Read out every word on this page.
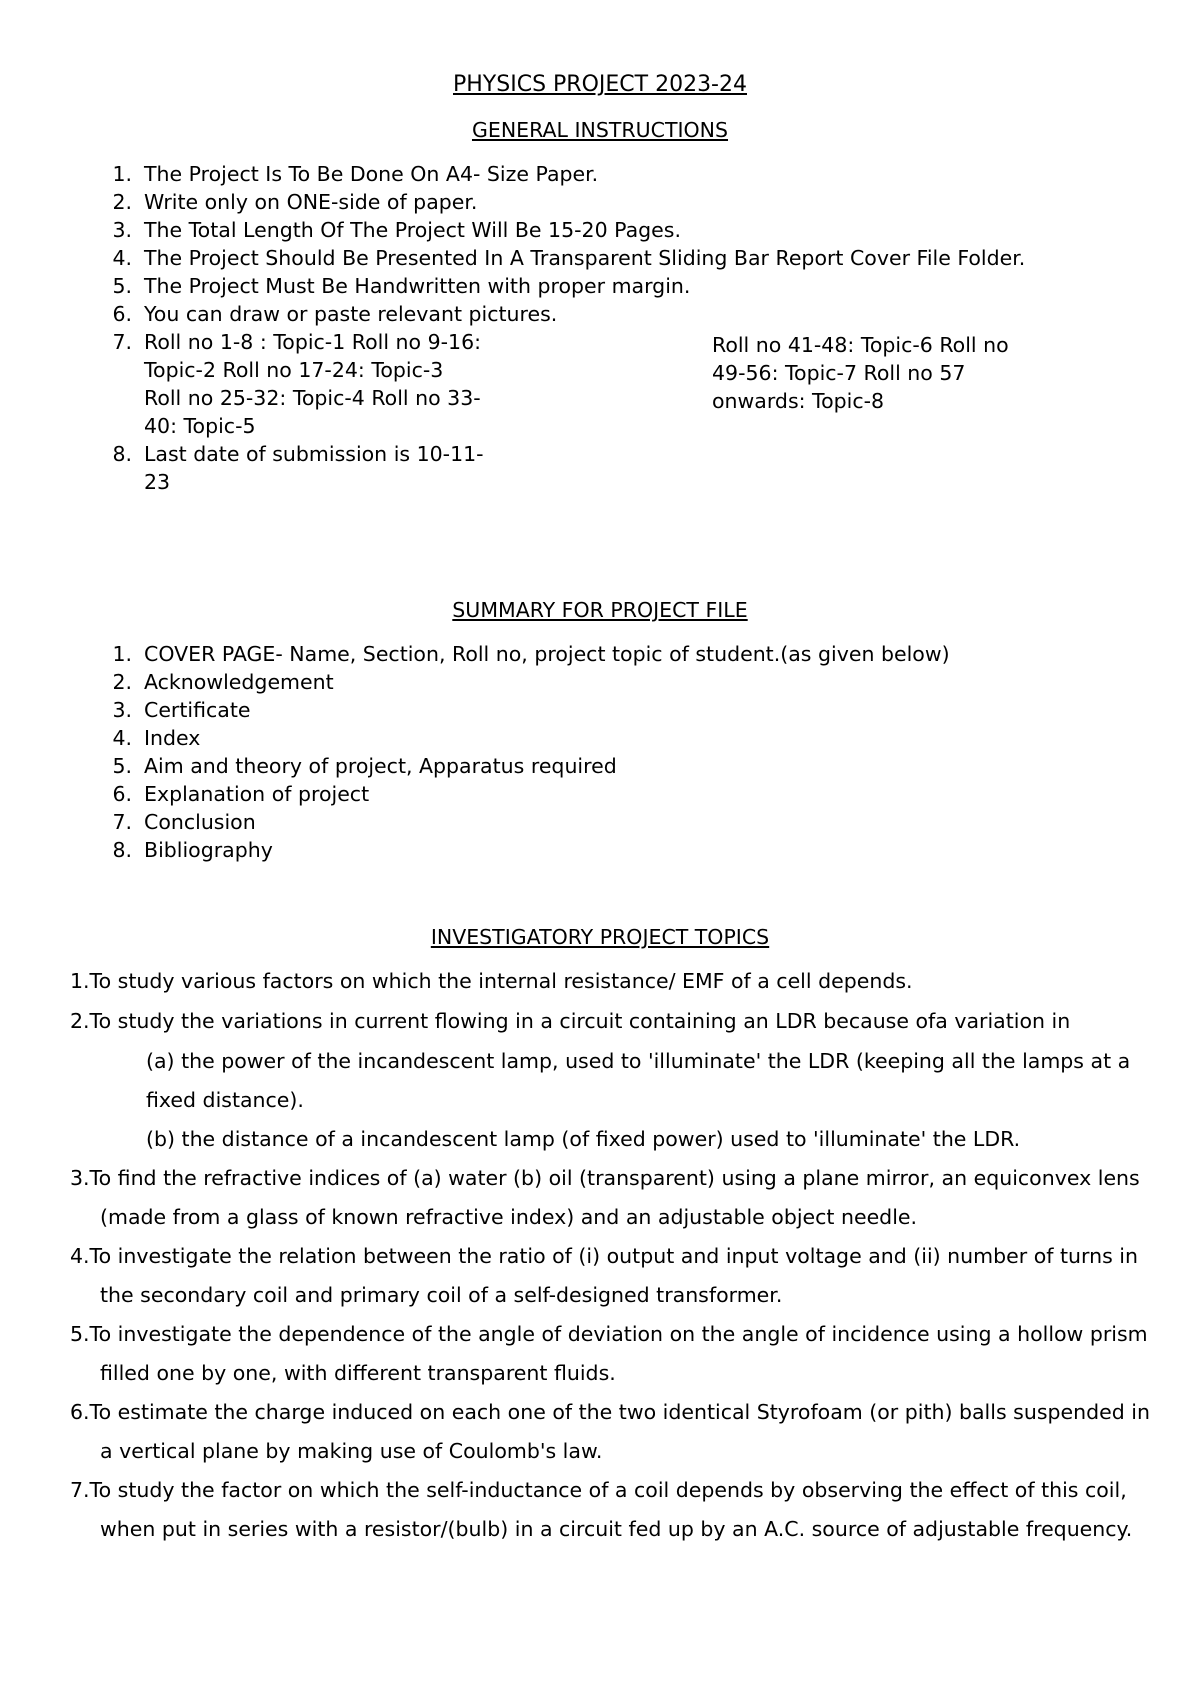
PHYSICS PROJECT 2023-24
GENERAL INSTRUCTIONS
1. The Project Is To Be Done On A4- Size Paper.
2. Write only on ONE-side of paper.
3. The Total Length Of The Project Will Be 15-20 Pages.
4. The Project Should Be Presented In A Transparent Sliding Bar Report Cover File Folder.
5. The Project Must Be Handwritten with proper margin.
6. You can draw or paste relevant pictures.
7. Roll no 1-8 : Topic-1 Roll no 9-16: Topic-2 Roll no 17-24: Topic-3 Roll no 25-32: Topic-4 Roll no 33-40: Topic-5
8. Last date of submission is 10-11-23
Roll no 41-48: Topic-6 Roll no 49-56: Topic-7 Roll no 57 onwards: Topic-8
SUMMARY FOR PROJECT FILE
1. COVER PAGE- Name, Section, Roll no, project topic of student.(as given below)
2. Acknowledgement
3. Certificate
4. Index
5. Aim and theory of project, Apparatus required
6. Explanation of project
7. Conclusion
8. Bibliography
INVESTIGATORY PROJECT TOPICS
1.To study various factors on which the internal resistance/ EMF of a cell depends.
2.To study the variations in current flowing in a circuit containing an LDR because ofa variation in
(a) the power of the incandescent lamp, used to 'illuminate' the LDR (keeping all the lamps at a fixed distance).
(b) the distance of a incandescent lamp (of fixed power) used to 'illuminate' the LDR.
3.To find the refractive indices of (a) water (b) oil (transparent) using a plane mirror, an equiconvex lens (made from a glass of known refractive index) and an adjustable object needle.
4.To investigate the relation between the ratio of (i) output and input voltage and (ii) number of turns in the secondary coil and primary coil of a self-designed transformer.
5.To investigate the dependence of the angle of deviation on the angle of incidence using a hollow prism filled one by one, with different transparent fluids.
6.To estimate the charge induced on each one of the two identical Styrofoam (or pith) balls suspended in a vertical plane by making use of Coulomb's law.
7.To study the factor on which the self-inductance of a coil depends by observing the effect of this coil, when put in series with a resistor/(bulb) in a circuit fed up by an A.C. source of adjustable frequency.
